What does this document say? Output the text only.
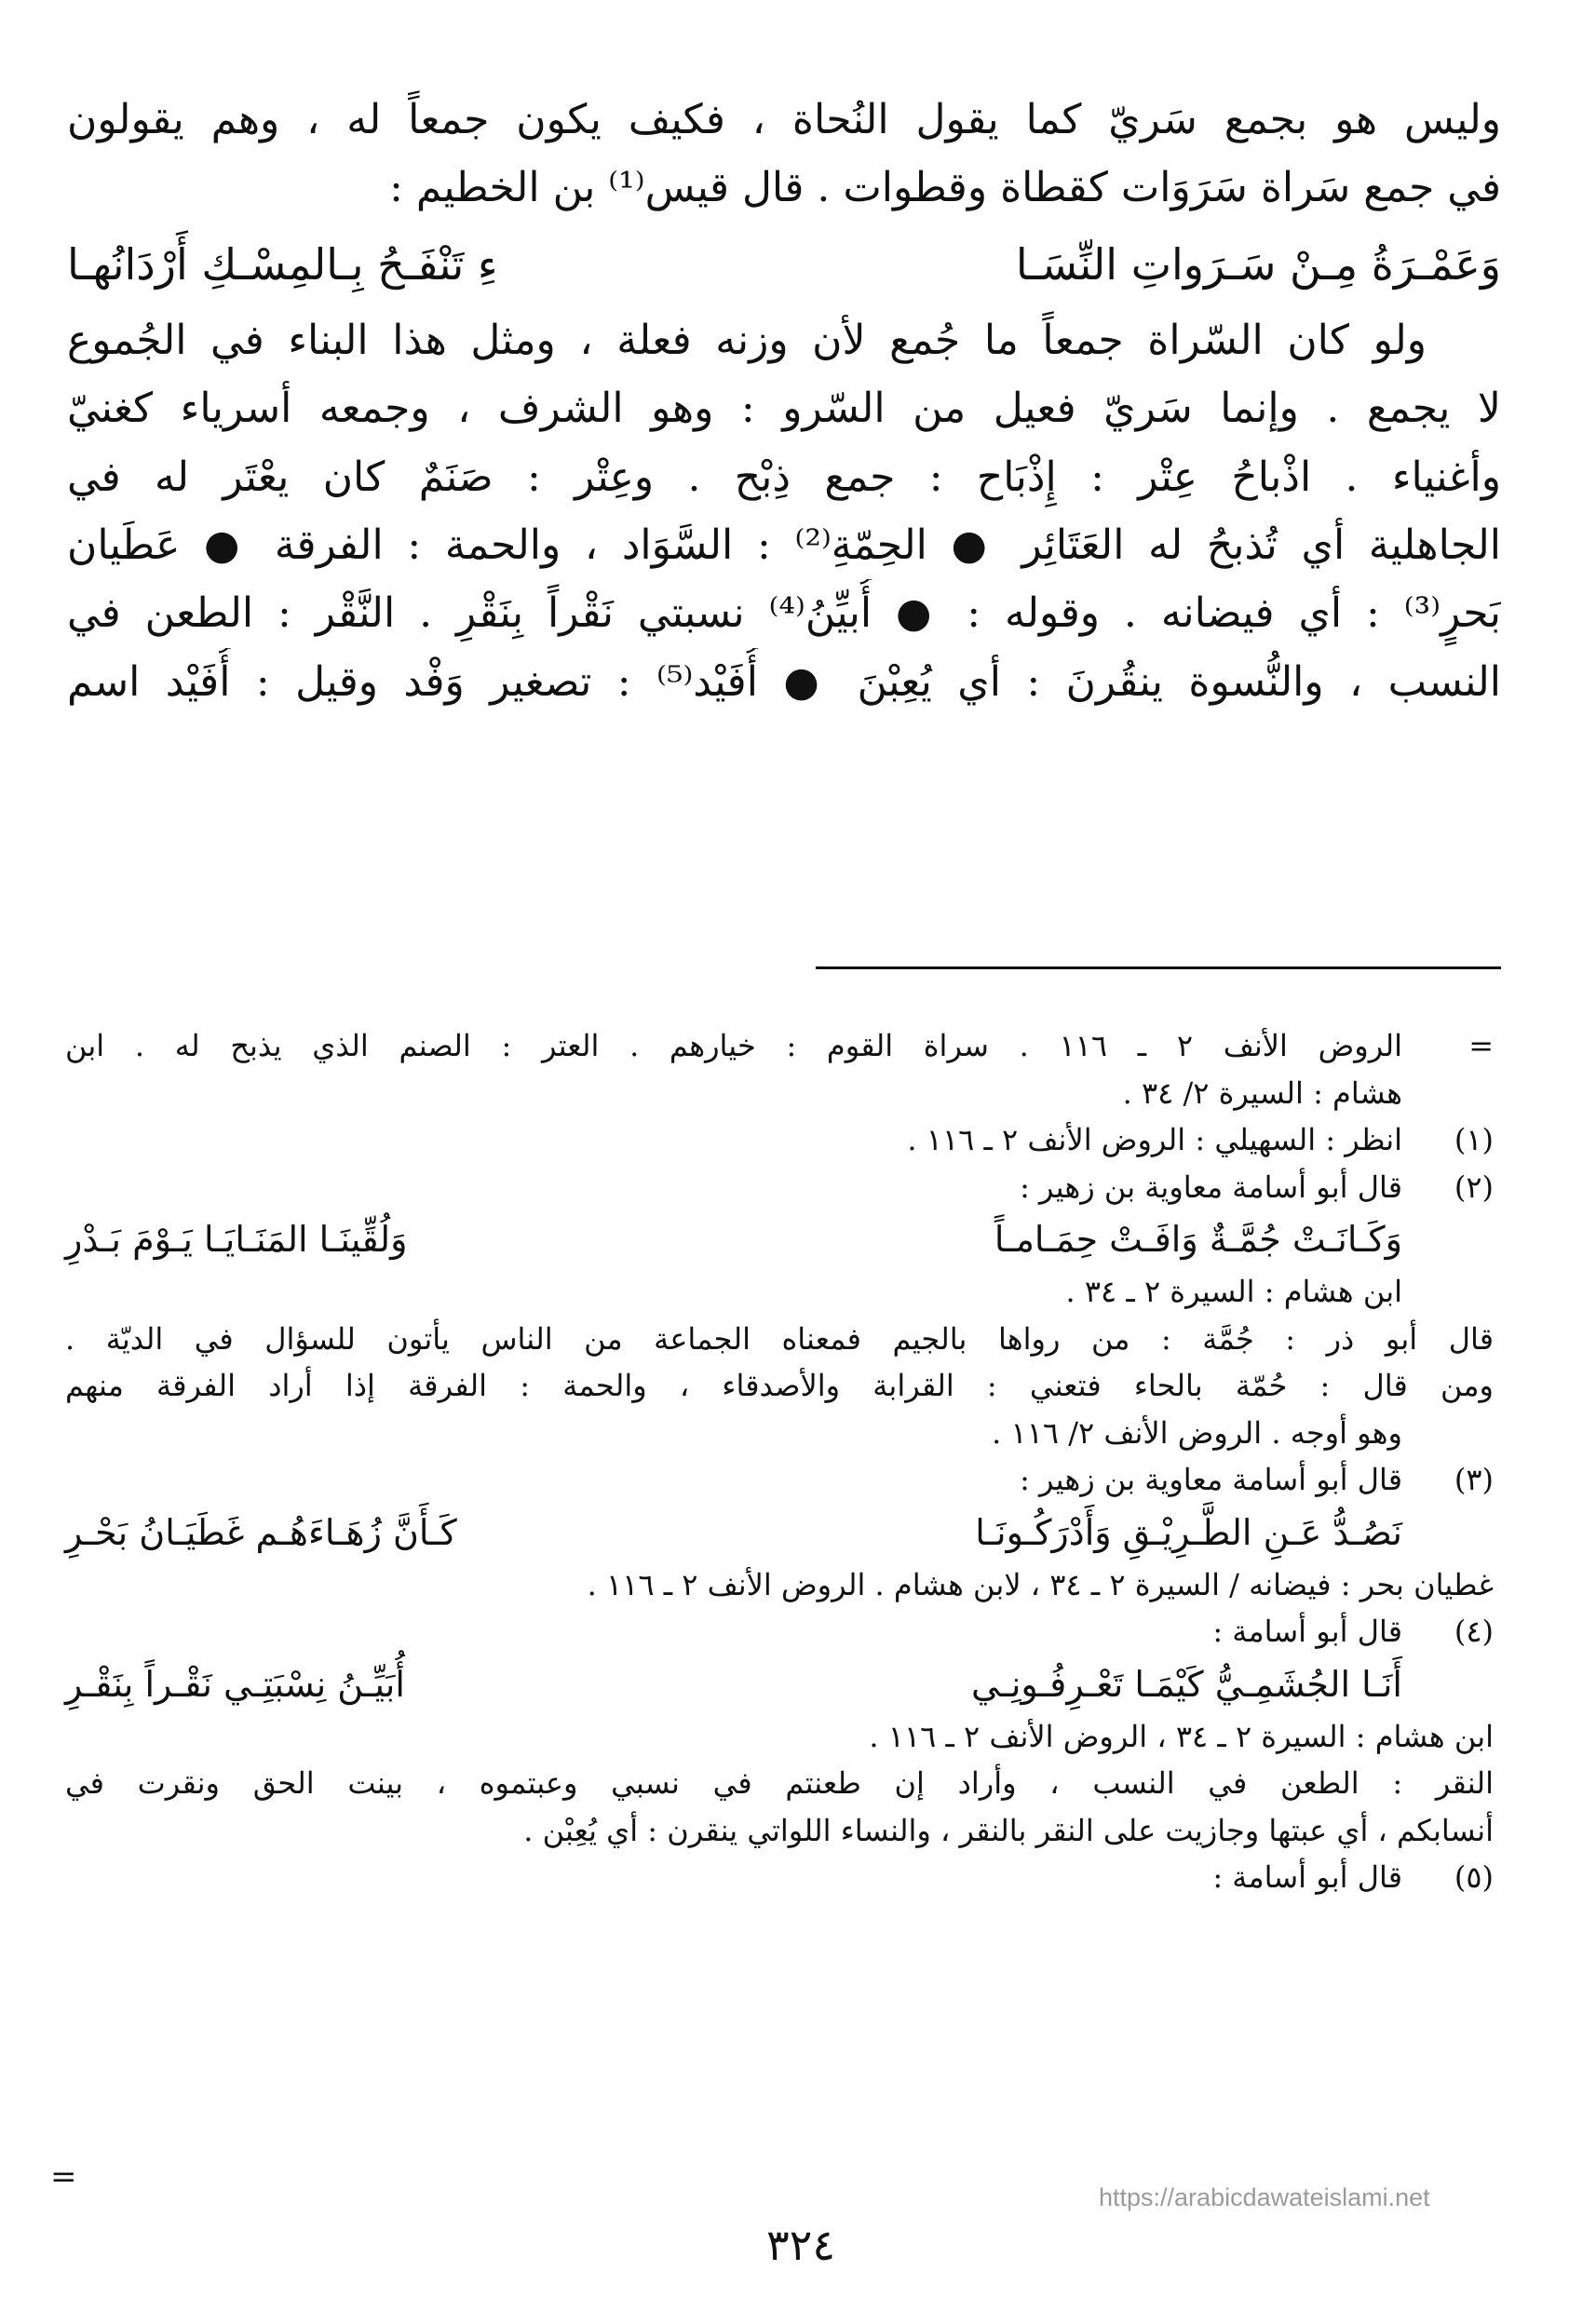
وليس هو بجمع سَريّ كما يقول النُحاة ، فكيف يكون جمعاً له ، وهم يقولون
في جمع سَراة سَرَوَات كقطاة وقطوات . قال قيس⁽¹⁾ بن الخطيم :
وَعَمْـرَةُ مِـنْ سَـرَواتِ النِّسَـا
ءِ تَنْفَـحُ بِـالمِسْـكِ أَرْدَانُهـا
ولو كان السّراة جمعاً ما جُمع لأن وزنه فعلة ، ومثل هذا البناء في الجُموع
لا يجمع . وإنما سَريّ فعيل من السّرو : وهو الشرف ، وجمعه أسرياء كغنيّ
وأغنياء . اذْباحُ عِتْر : إِذْبَاح : جمع ذِبْح . وعِتْر : صَنَمٌ كان يعْتَر له في
الجاهلية أي تُذبحُ له العَتَائِر ● الحِمّةِ⁽²⁾ : السَّوَاد ، والحمة : الفرقة ● عَطَيان
بَحرٍ⁽³⁾ : أي فيضانه . وقوله : ● أُبيِّنُ⁽⁴⁾ نسبتي نَقْراً بِنَقْرِ . النَّقْر : الطعن في
النسب ، والنُّسوة ينقُرنَ : أي يُعِبْنَ ● أُفَيْد⁽⁵⁾ : تصغير وَفْد وقيل : أُفَيْد اسم
=
الروض الأنف ٢ ـ ١١٦ . سراة القوم : خيارهم . العتر : الصنم الذي يذبح له . ابن
هشام : السيرة ٢/ ٣٤ .
(١)
انظر : السهيلي : الروض الأنف ٢ ـ ١١٦ .
(٢)
قال أبو أسامة معاوية بن زهير :
وَكَـانَـتْ جُمَّـةٌ وَافَـتْ حِمَـامـاً
وَلُقِّينَـا المَنَـايَـا يَـوْمَ بَـدْرِ
ابن هشام : السيرة ٢ ـ ٣٤ .
قال أبو ذر : جُمَّة : من رواها بالجيم فمعناه الجماعة من الناس يأتون للسؤال في الديّة .
ومن قال : حُمّة بالحاء فتعني : القرابة والأصدقاء ، والحمة : الفرقة إذا أراد الفرقة منهم
وهو أوجه . الروض الأنف ٢/ ١١٦ .
(٣)
قال أبو أسامة معاوية بن زهير :
نَصُـدُّ عَـنِ الطَّـرِيْـقِ وَأَدْرَكُـونَـا
كَـأَنَّ زُهَـاءَهُـم غَطَيَـانُ بَحْـرِ
غطيان بحر : فيضانه / السيرة ٢ ـ ٣٤ ، لابن هشام . الروض الأنف ٢ ـ ١١٦ .
(٤)
قال أبو أسامة :
أَنَـا الجُشَمِـيُّ كَيْمَـا تَعْـرِفُـونِـي
أُبَيِّـنُ نِسْبَتِـي نَقْـراً بِنَقْـرِ
ابن هشام : السيرة ٢ ـ ٣٤ ، الروض الأنف ٢ ـ ١١٦ .
النقر : الطعن في النسب ، وأراد إن طعنتم في نسبي وعبتموه ، بينت الحق ونقرت في
أنسابكم ، أي عبتها وجازيت على النقر بالنقر ، والنساء اللواتي ينقرن : أي يُعِبْن .
(٥)
قال أبو أسامة :
=
https://arabicdawateislami.net
٣٢٤
